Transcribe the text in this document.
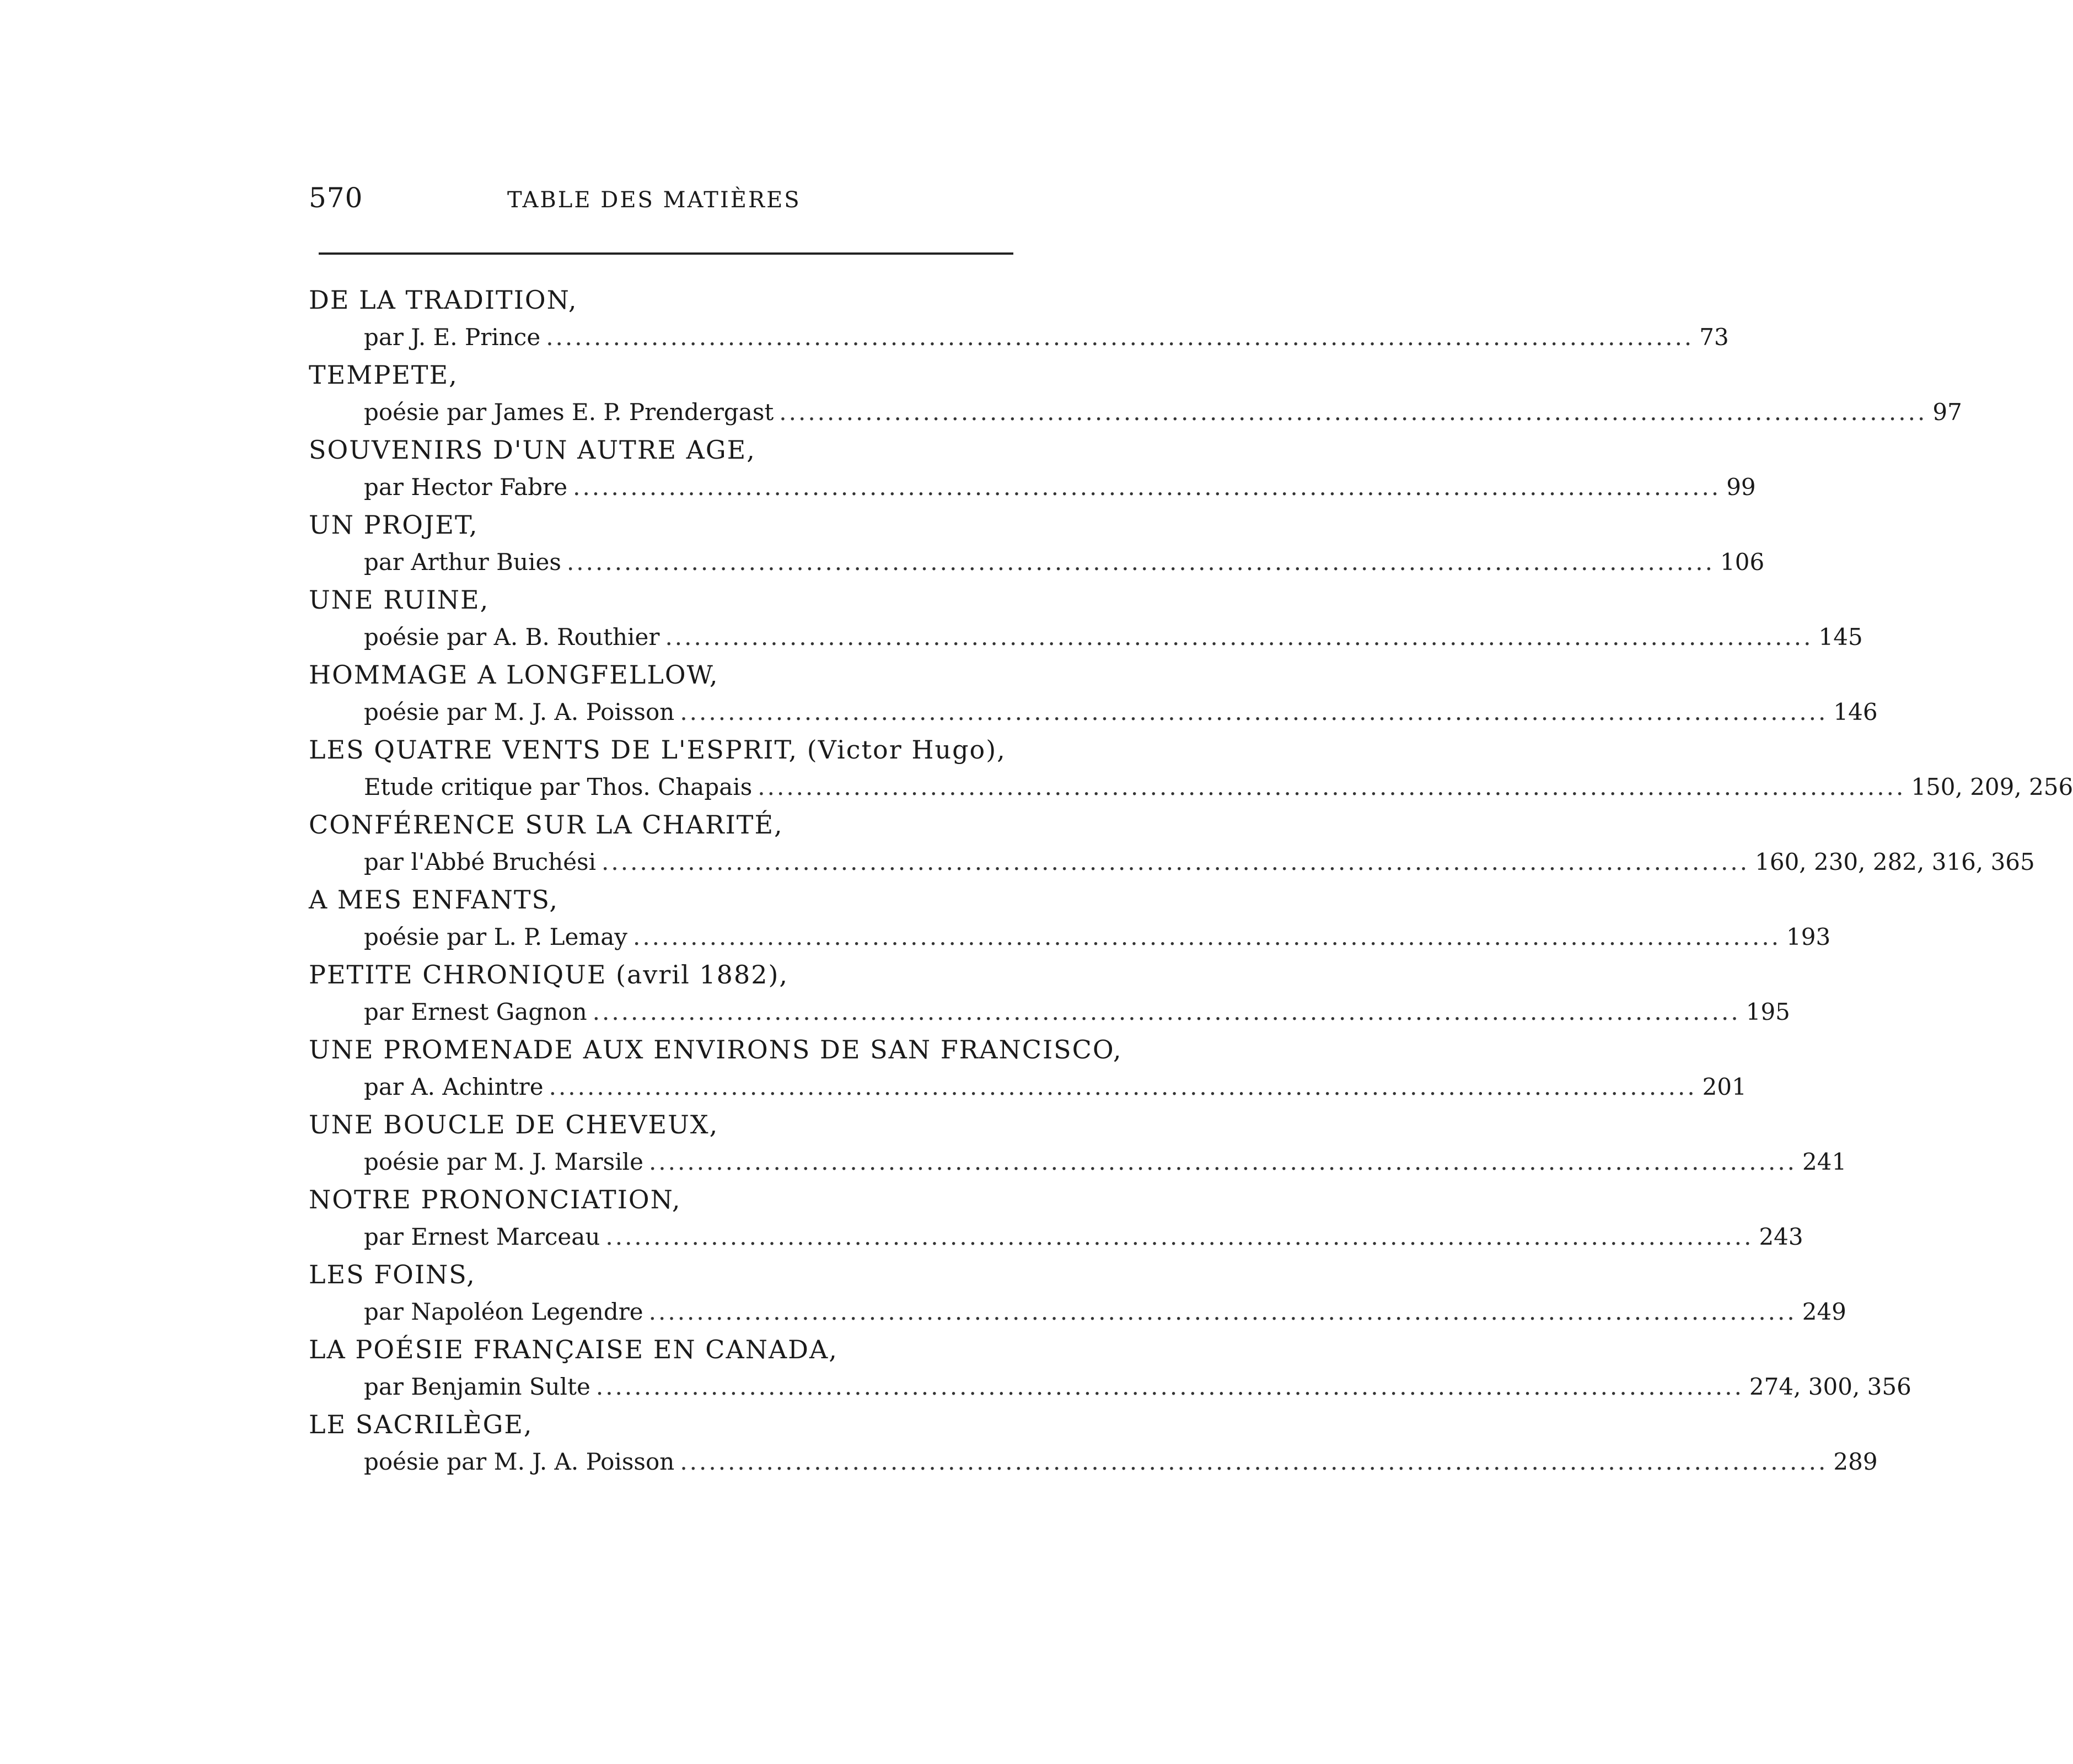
570	TABLE DES MATIÈRES
DE LA TRADITION,
par J. E. Prince ........................................................................................................................ 73
TEMPETE,
poésie par James E. P. Prendergast ........................................................................................................................ 97
SOUVENIRS D'UN AUTRE AGE,
par Hector Fabre ........................................................................................................................ 99
UN PROJET,
par Arthur Buies ........................................................................................................................ 106
UNE RUINE,
poésie par A. B. Routhier ........................................................................................................................ 145
HOMMAGE A LONGFELLOW,
poésie par M. J. A. Poisson ........................................................................................................................ 146
LES QUATRE VENTS DE L'ESPRIT, (Victor Hugo),
Etude critique par Thos. Chapais ........................................................................................................................ 150, 209, 256
CONFÉRENCE SUR LA CHARITÉ,
par l'Abbé Bruchési ........................................................................................................................ 160, 230, 282, 316, 365
A MES ENFANTS,
poésie par L. P. Lemay ........................................................................................................................ 193
PETITE CHRONIQUE (avril 1882),
par Ernest Gagnon ........................................................................................................................ 195
UNE PROMENADE AUX ENVIRONS DE SAN FRANCISCO,
par A. Achintre ........................................................................................................................ 201
UNE BOUCLE DE CHEVEUX,
poésie par M. J. Marsile ........................................................................................................................ 241
NOTRE PRONONCIATION,
par Ernest Marceau ........................................................................................................................ 243
LES FOINS,
par Napoléon Legendre ........................................................................................................................ 249
LA POÉSIE FRANÇAISE EN CANADA,
par Benjamin Sulte ........................................................................................................................ 274, 300, 356
LE SACRILÈGE,
poésie par M. J. A. Poisson ........................................................................................................................ 289
